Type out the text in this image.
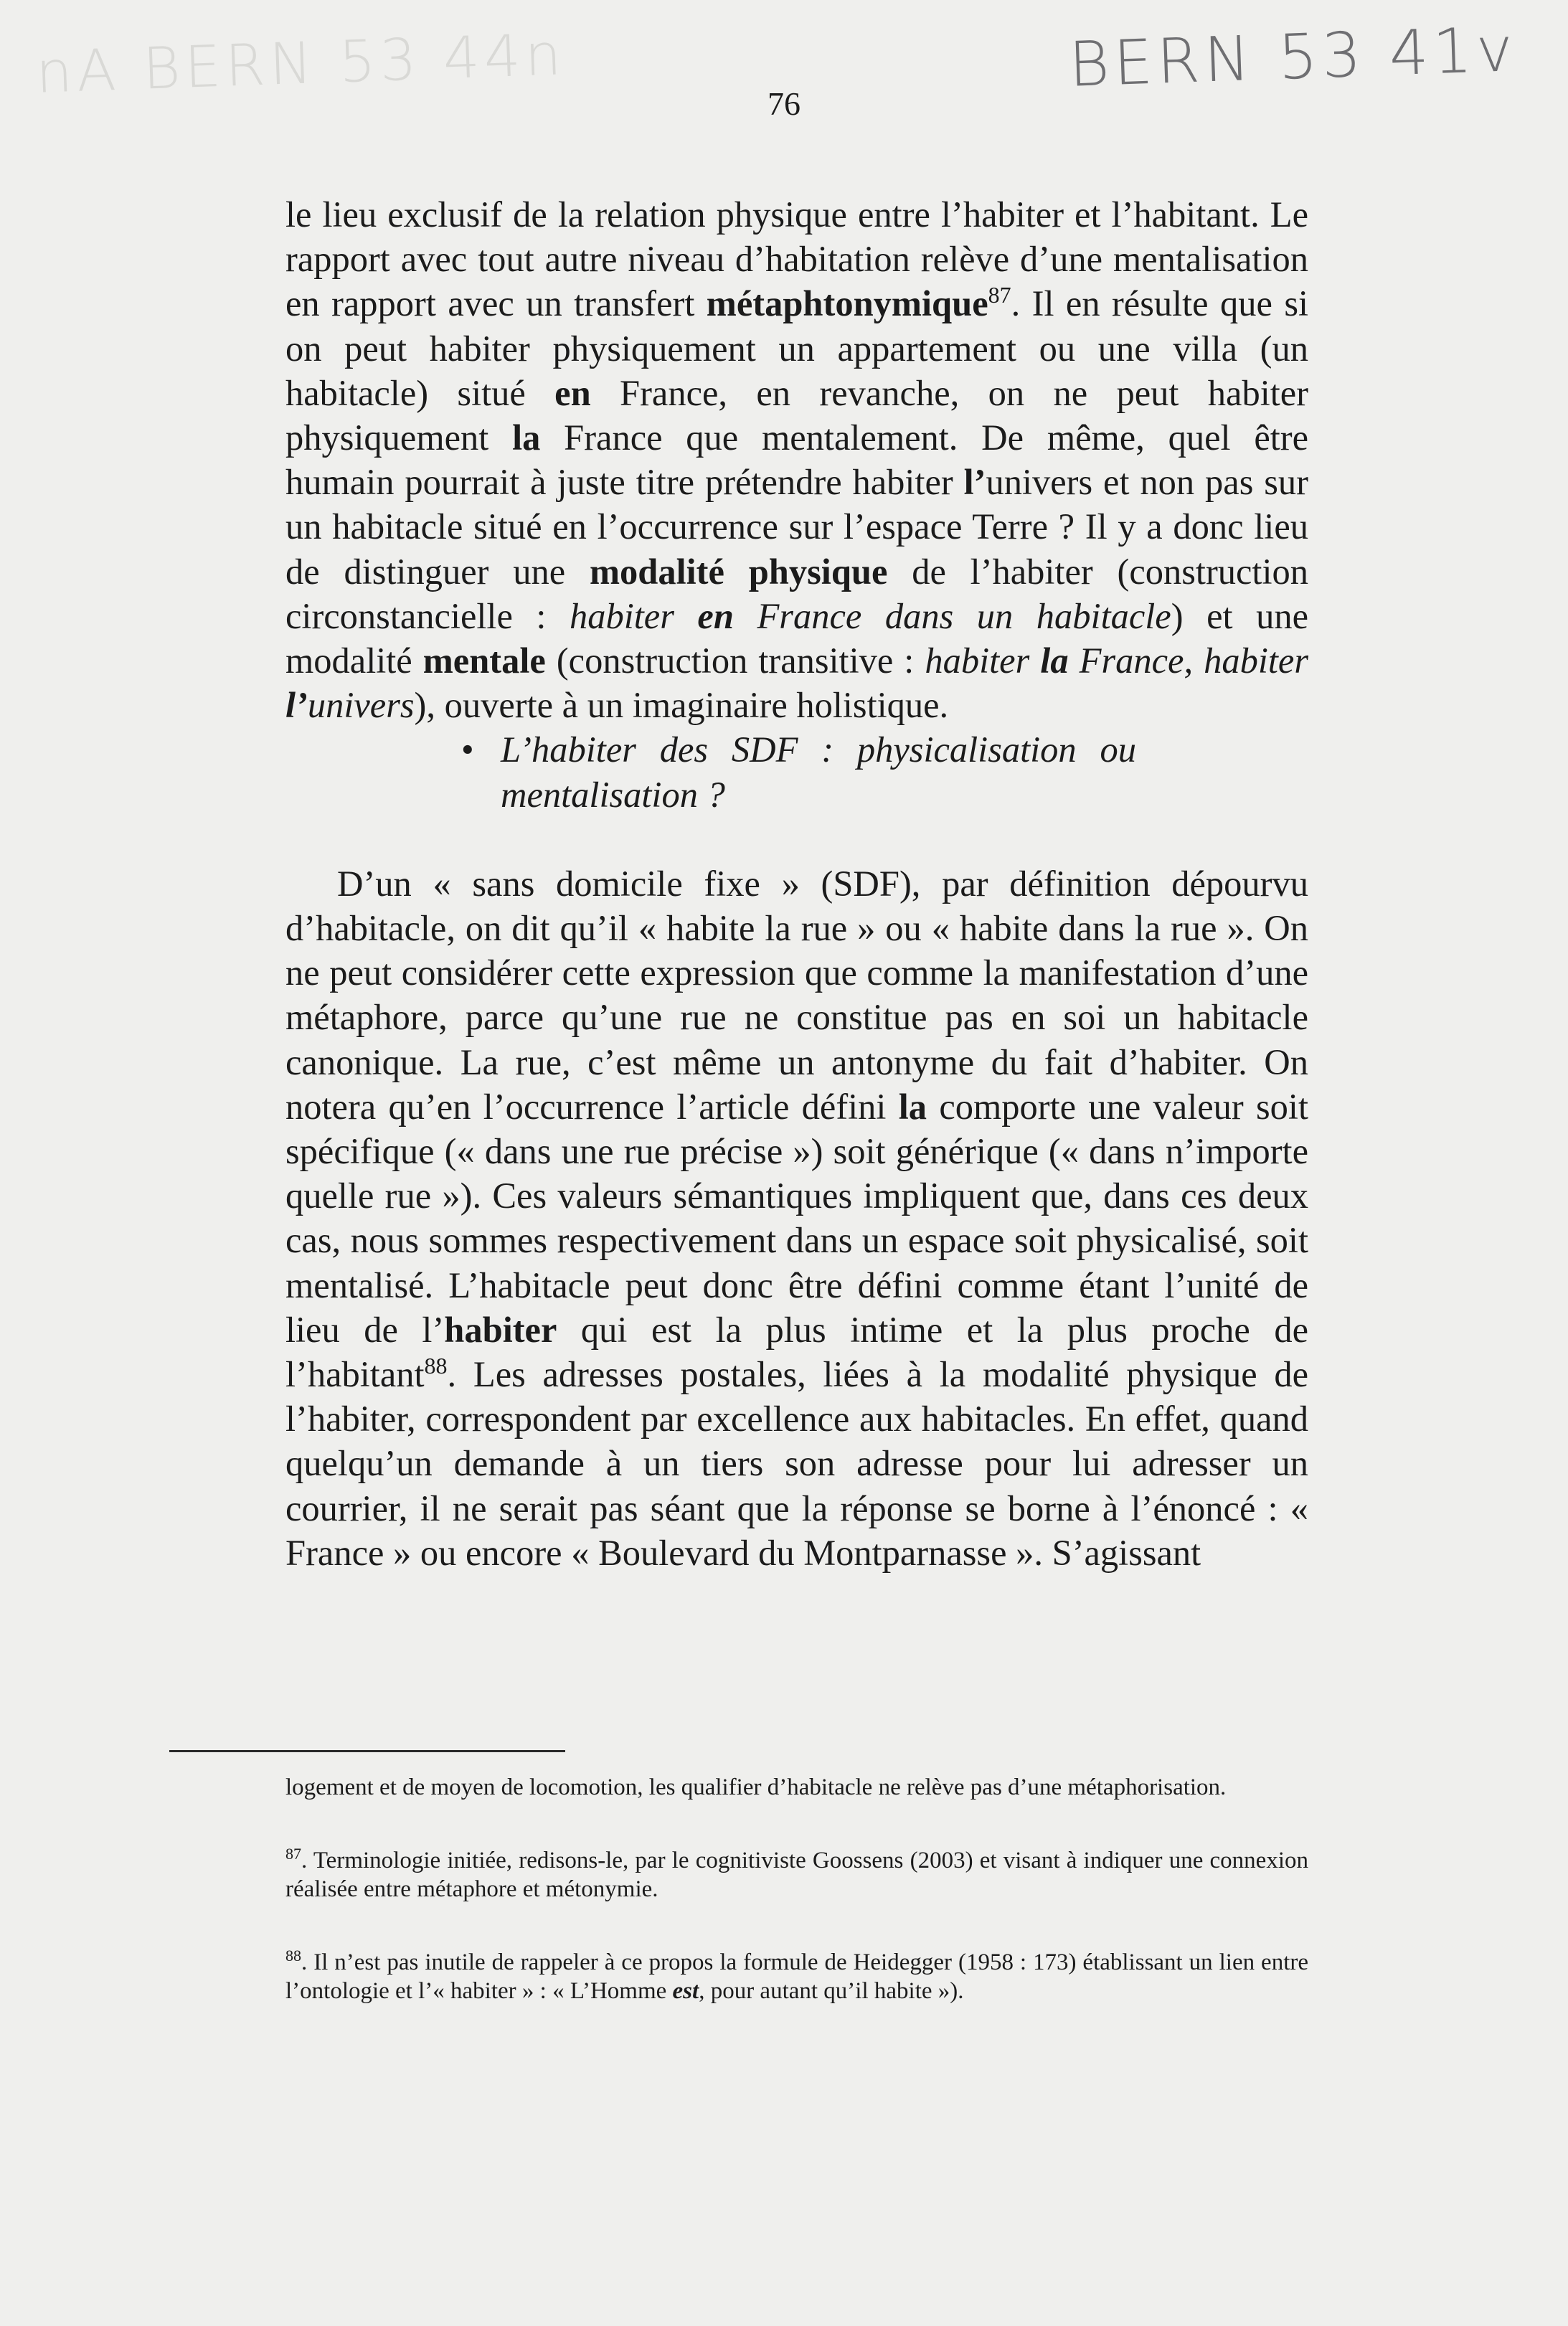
nA BERN 53 44n	BERN 53 41v
76

le lieu exclusif de la relation physique entre l’habiter et l’habitant. Le rapport avec tout autre niveau d’habitation relève d’une mentalisation en rapport avec un transfert métaphtonymique$^{87}$. Il en résulte que si on peut habiter physiquement un appartement ou une villa (un habitacle) situé en France, en revanche, on ne peut habiter physiquement la France que mentalement. De même, quel être humain pourrait à juste titre prétendre habiter l’univers et non pas sur un habitacle situé en l’occurrence sur l’espace Terre ? Il y a donc lieu de distinguer une modalité physique de l’habiter (construction circonstancielle : habiter en France dans un habitacle) et une modalité mentale (construction transitive : habiter la France, habiter l’univers), ouverte à un imaginaire holistique.

• L’habiter des SDF : physicalisation ou mentalisation ?

D’un « sans domicile fixe » (SDF), par définition dépourvu d’habitacle, on dit qu’il « habite la rue » ou « habite dans la rue ». On ne peut considérer cette expression que comme la manifestation d’une métaphore, parce qu’une rue ne constitue pas en soi un habitacle canonique. La rue, c’est même un antonyme du fait d’habiter. On notera qu’en l’occurrence l’article défini la comporte une valeur soit spécifique (« dans une rue précise ») soit générique (« dans n’importe quelle rue »). Ces valeurs sémantiques impliquent que, dans ces deux cas, nous sommes respectivement dans un espace soit physicalisé, soit mentalisé. L’habitacle peut donc être défini comme étant l’unité de lieu de l’habiter qui est la plus intime et la plus proche de l’habitant$^{88}$. Les adresses postales, liées à la modalité physique de l’habiter, correspondent par excellence aux habitacles. En effet, quand quelqu’un demande à un tiers son adresse pour lui adresser un courrier, il ne serait pas séant que la réponse se borne à l’énoncé : « France » ou encore « Boulevard du Montparnasse ». S’agissant

logement et de moyen de locomotion, les qualifier d’habitacle ne relève pas d’une métaphorisation.

$^{87}$. Terminologie initiée, redisons-le, par le cognitiviste Goossens (2003) et visant à indiquer une connexion réalisée entre métaphore et métonymie.

$^{88}$. Il n’est pas inutile de rappeler à ce propos la formule de Heidegger (1958 : 173) établissant un lien entre l’ontologie et l’« habiter » : « L’Homme est, pour autant qu’il habite »).
